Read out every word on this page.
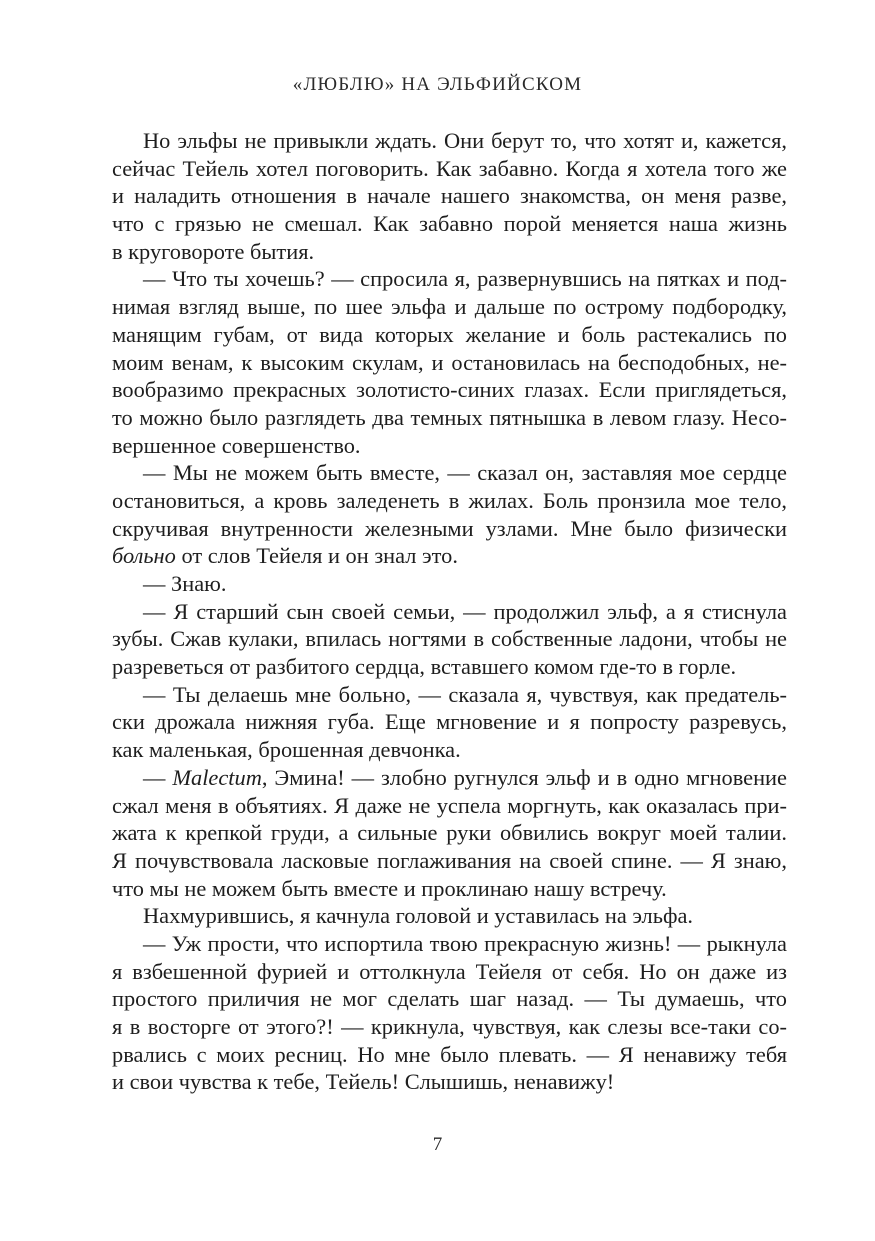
«ЛЮБЛЮ» НА ЭЛЬФИЙСКОМ
Но эльфы не привыкли ждать. Они берут то, что хотят и, кажется,
сейчас Тейель хотел поговорить. Как забавно. Когда я хотела того же
и наладить отношения в начале нашего знакомства, он меня разве,
что с грязью не смешал. Как забавно порой меняется наша жизнь
в круговороте бытия.
— Что ты хочешь? — спросила я, развернувшись на пятках и под-
нимая взгляд выше, по шее эльфа и дальше по острому подбородку,
манящим губам, от вида которых желание и боль растекались по
моим венам, к высоким скулам, и остановилась на бесподобных, не-
вообразимо прекрасных золотисто-синих глазах. Если приглядеться,
то можно было разглядеть два темных пятнышка в левом глазу. Несо-
вершенное совершенство.
— Мы не можем быть вместе, — сказал он, заставляя мое сердце
остановиться, а кровь заледенеть в жилах. Боль пронзила мое тело,
скручивая внутренности железными узлами. Мне было физически
больно от слов Тейеля и он знал это.
— Знаю.
— Я старший сын своей семьи, — продолжил эльф, а я стиснула
зубы. Сжав кулаки, впилась ногтями в собственные ладони, чтобы не
разреветься от разбитого сердца, вставшего комом где-то в горле.
— Ты делаешь мне больно, — сказала я, чувствуя, как предатель-
ски дрожала нижняя губа. Еще мгновение и я попросту разревусь,
как маленькая, брошенная девчонка.
— Malectum, Эмина! — злобно ругнулся эльф и в одно мгновение
сжал меня в объятиях. Я даже не успела моргнуть, как оказалась при-
жата к крепкой груди, а сильные руки обвились вокруг моей талии.
Я почувствовала ласковые поглаживания на своей спине. — Я знаю,
что мы не можем быть вместе и проклинаю нашу встречу.
Нахмурившись, я качнула головой и уставилась на эльфа.
— Уж прости, что испортила твою прекрасную жизнь! — рыкнула
я взбешенной фурией и оттолкнула Тейеля от себя. Но он даже из
простого приличия не мог сделать шаг назад. — Ты думаешь, что
я в восторге от этого?! — крикнула, чувствуя, как слезы все-таки со-
рвались с моих ресниц. Но мне было плевать. — Я ненавижу тебя
и свои чувства к тебе, Тейель! Слышишь, ненавижу!
7
